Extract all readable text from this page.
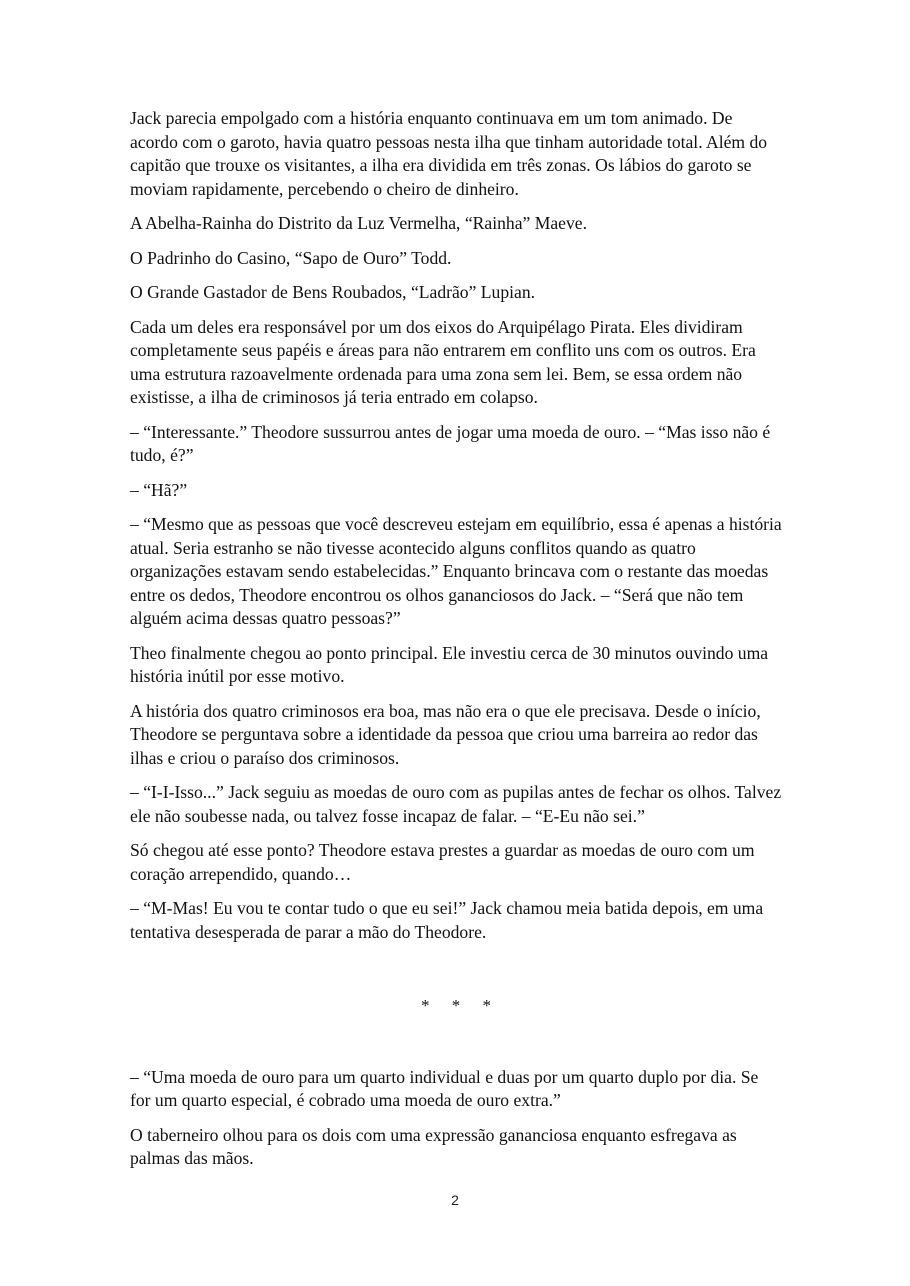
Jack parecia empolgado com a história enquanto continuava em um tom animado. De acordo com o garoto, havia quatro pessoas nesta ilha que tinham autoridade total. Além do capitão que trouxe os visitantes, a ilha era dividida em três zonas. Os lábios do garoto se moviam rapidamente, percebendo o cheiro de dinheiro.

A Abelha-Rainha do Distrito da Luz Vermelha, “Rainha” Maeve.

O Padrinho do Casino, “Sapo de Ouro” Todd.

O Grande Gastador de Bens Roubados, “Ladrão” Lupian.

Cada um deles era responsável por um dos eixos do Arquipélago Pirata. Eles dividiram completamente seus papéis e áreas para não entrarem em conflito uns com os outros. Era uma estrutura razoavelmente ordenada para uma zona sem lei. Bem, se essa ordem não existisse, a ilha de criminosos já teria entrado em colapso.

– “Interessante.” Theodore sussurrou antes de jogar uma moeda de ouro. – “Mas isso não é tudo, é?”

– “Hã?”

– “Mesmo que as pessoas que você descreveu estejam em equilíbrio, essa é apenas a história atual. Seria estranho se não tivesse acontecido alguns conflitos quando as quatro organizações estavam sendo estabelecidas.” Enquanto brincava com o restante das moedas entre os dedos, Theodore encontrou os olhos gananciosos do Jack. – “Será que não tem alguém acima dessas quatro pessoas?”

Theo finalmente chegou ao ponto principal. Ele investiu cerca de 30 minutos ouvindo uma história inútil por esse motivo.

A história dos quatro criminosos era boa, mas não era o que ele precisava. Desde o início, Theodore se perguntava sobre a identidade da pessoa que criou uma barreira ao redor das ilhas e criou o paraíso dos criminosos.

– “I-I-Isso...” Jack seguiu as moedas de ouro com as pupilas antes de fechar os olhos. Talvez ele não soubesse nada, ou talvez fosse incapaz de falar. – “E-Eu não sei.”

Só chegou até esse ponto? Theodore estava prestes a guardar as moedas de ouro com um coração arrependido, quando…

– “M-Mas! Eu vou te contar tudo o que eu sei!” Jack chamou meia batida depois, em uma tentativa desesperada de parar a mão do Theodore.

* * *

– “Uma moeda de ouro para um quarto individual e duas por um quarto duplo por dia. Se for um quarto especial, é cobrado uma moeda de ouro extra.”

O taberneiro olhou para os dois com uma expressão gananciosa enquanto esfregava as palmas das mãos.

2
